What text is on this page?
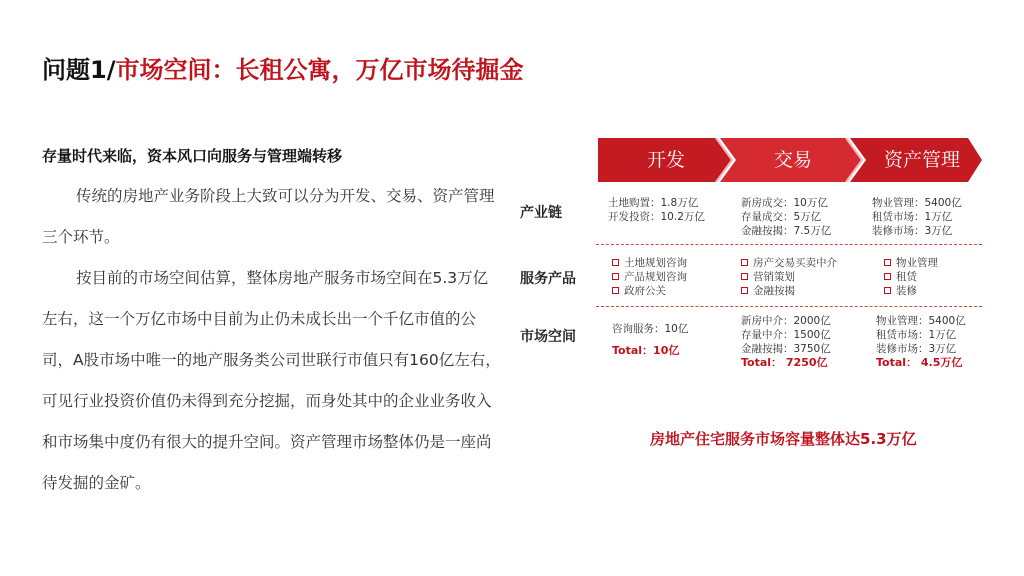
问题1/市场空间：长租公寓，万亿市场待掘金
存量时代来临，资本风口向服务与管理端转移

传统的房地产业务阶段上大致可以分为开发、交易、资产管理三个环节。

按目前的市场空间估算，整体房地产服务市场空间在5.3万亿左右，这一个万亿市场中目前为止仍未成长出一个千亿市值的公司，A股市场中唯一的地产服务类公司世联行市值只有160亿左右，可见行业投资价值仍未得到充分挖掘，而身处其中的企业业务收入和市场集中度仍有很大的提升空间。资产管理市场整体仍是一座尚待发掘的金矿。

开发	交易	资产管理
产业链
服务产品
市场空间
土地购置：1.8万亿
开发投资：10.2万亿
新房成交：10万亿
存量成交：5万亿
金融按揭：7.5万亿
物业管理：5400亿
租赁市场：1万亿
装修市场：3万亿
土地规划咨询
产品规划咨询
政府公关
房产交易买卖中介
营销策划
金融按揭
物业管理
租赁
装修
咨询服务：10亿
Total：10亿
新房中介：2000亿
存量中介：1500亿
金融按揭：3750亿
Total： 7250亿
物业管理：5400亿
租赁市场：1万亿
装修市场：3万亿
Total： 4.5万亿
房地产住宅服务市场容量整体达5.3万亿
